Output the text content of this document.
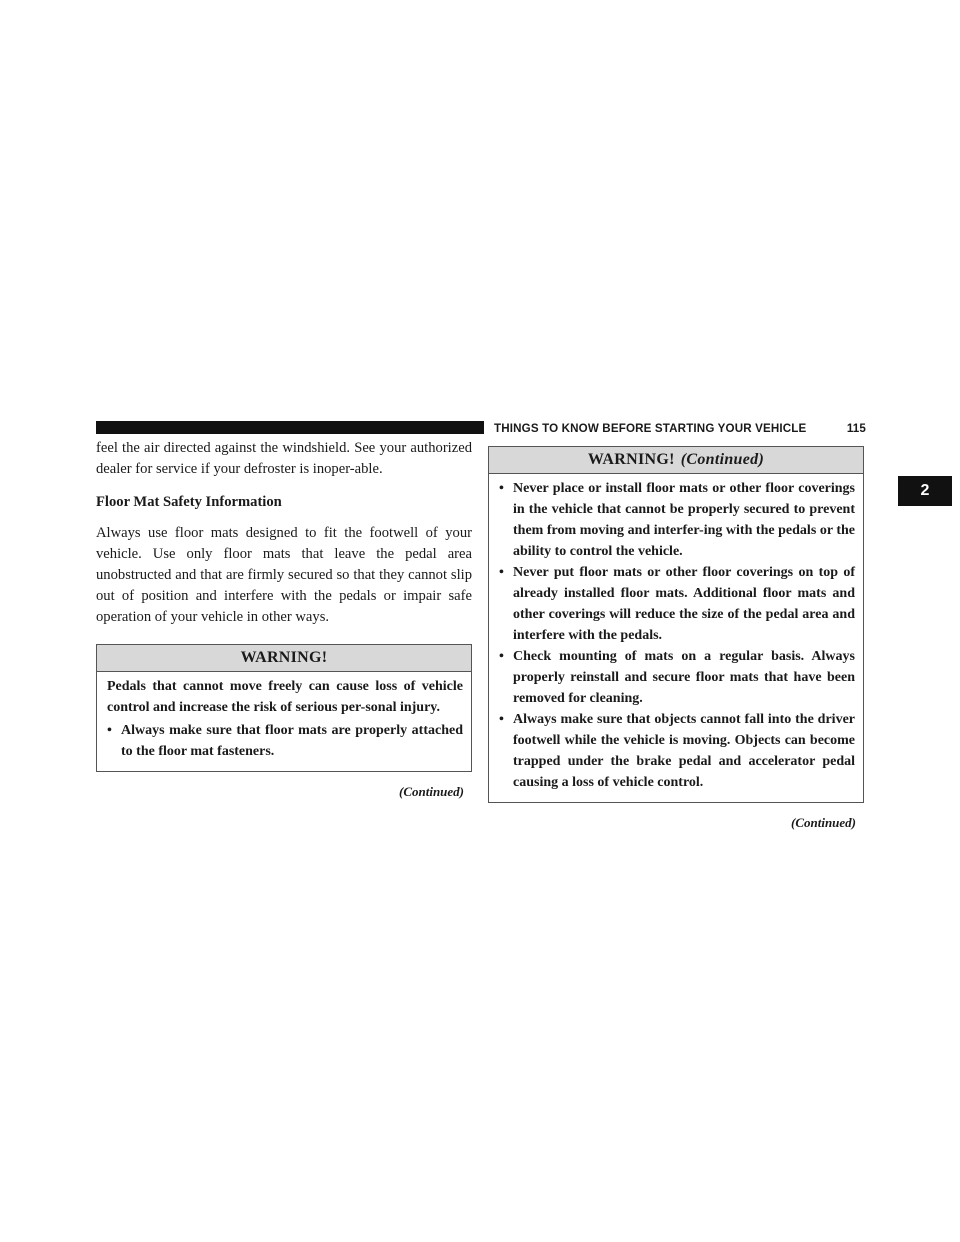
THINGS TO KNOW BEFORE STARTING YOUR VEHICLE	115
2

feel the air directed against the windshield. See your authorized dealer for service if your defroster is inoper-able.

Floor Mat Safety Information

Always use floor mats designed to fit the footwell of your vehicle. Use only floor mats that leave the pedal area unobstructed and that are firmly secured so that they cannot slip out of position and interfere with the pedals or impair safe operation of your vehicle in other ways.

WARNING!

Pedals that cannot move freely can cause loss of vehicle control and increase the risk of serious per-sonal injury.

• Always make sure that floor mats are properly attached to the floor mat fasteners.
(Continued)
WARNING! (Continued)
• Never place or install floor mats or other floor coverings in the vehicle that cannot be properly secured to prevent them from moving and interfer-ing with the pedals or the ability to control the vehicle.
• Never put floor mats or other floor coverings on top of already installed floor mats. Additional floor mats and other coverings will reduce the size of the pedal area and interfere with the pedals.
• Check mounting of mats on a regular basis. Always properly reinstall and secure floor mats that have been removed for cleaning.
• Always make sure that objects cannot fall into the driver footwell while the vehicle is moving. Objects can become trapped under the brake pedal and accelerator pedal causing a loss of vehicle control.
(Continued)
